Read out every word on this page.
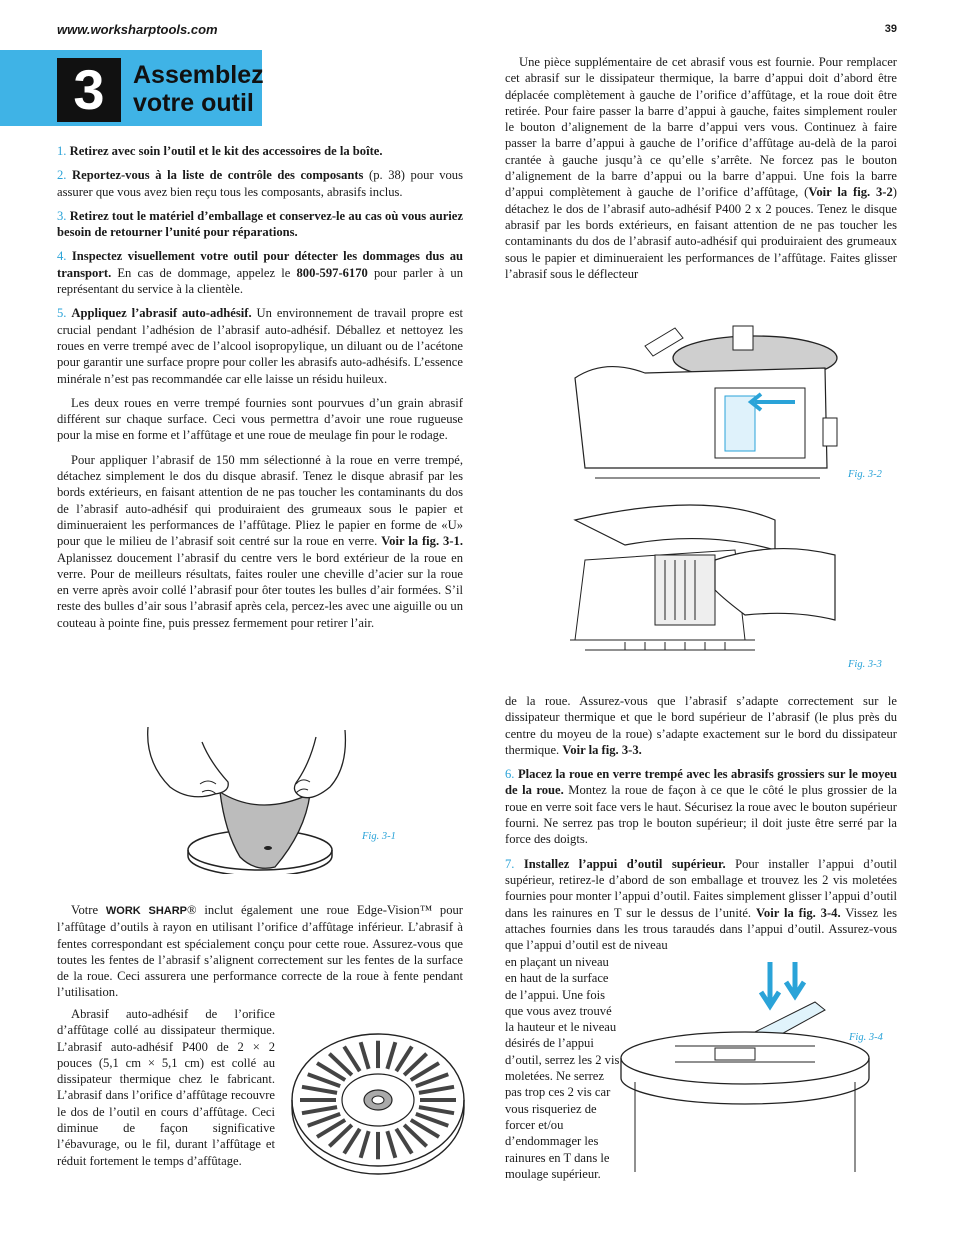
www.worksharptools.com	39
3	Assemblez
votre outil

1. Retirez avec soin l’outil et le kit des accessoires de la boîte.

2. Reportez-vous à la liste de contrôle des composants (p. 38) pour vous assurer que vous avez bien reçu tous les composants, abrasifs inclus.

3. Retirez tout le matériel d’emballage et conservez-le au cas où vous auriez besoin de retourner l’unité pour réparations.

4. Inspectez visuellement votre outil pour détecter les dommages dus au transport. En cas de dommage, appelez le 800-597-6170 pour parler à un représentant du service à la clientèle.

5. Appliquez l’abrasif auto-adhésif. Un environnement de travail propre est crucial pendant l’adhésion de l’abrasif auto-adhésif. Déballez et nettoyez les roues en verre trempé avec de l’alcool isopropylique, un diluant ou de l’acétone pour garantir une surface propre pour coller les abrasifs auto-adhésifs. L’essence minérale n’est pas recommandée car elle laisse un résidu huileux.

Les deux roues en verre trempé fournies sont pourvues d’un grain abrasif différent sur chaque surface. Ceci vous permettra d’avoir une roue rugueuse pour la mise en forme et l’affûtage et une roue de meulage fin pour le rodage.

Pour appliquer l’abrasif de 150 mm sélectionné à la roue en verre trempé, détachez simplement le dos du disque abrasif. Tenez le disque abrasif par les bords extérieurs, en faisant attention de ne pas toucher les contaminants du dos de l’abrasif auto-adhésif qui produiraient des grumeaux sous le papier et diminueraient les performances de l’affûtage. Pliez le papier en forme de «U» pour que le milieu de l’abrasif soit centré sur la roue en verre. Voir la fig. 3-1. Aplanissez doucement l’abrasif du centre vers le bord extérieur de la roue en verre. Pour de meilleurs résultats, faites rouler une cheville d’acier sur la roue en verre après avoir collé l’abrasif pour ôter toutes les bulles d’air formées. S’il reste des bulles d’air sous l’abrasif après cela, percez-les avec une aiguille ou un couteau à pointe fine, puis pressez fermement pour retirer l’air.

Fig. 3-1

Votre WORK SHARP® inclut également une roue Edge-Vision™ pour l’affûtage d’outils à rayon en utilisant l’orifice d’affûtage inférieur. L’abrasif à fentes correspondant est spécialement conçu pour cette roue. Assurez-vous que toutes les fentes de l’abrasif s’alignent correctement sur les fentes de la surface de la roue. Ceci assurera une performance correcte de la roue à fente pendant l’utilisation.

Abrasif auto-adhésif de l’orifice d’affûtage collé au dissipateur thermique. L’abrasif auto-adhésif P400 de 2 × 2 pouces (5,1 cm × 5,1 cm) est collé au dissipateur thermique chez le fabricant. L’abrasif dans l’orifice d’affûtage recouvre le dos de l’outil en cours d’affûtage. Ceci diminue de façon significative l’ébavurage, ou le fil, durant l’affûtage et réduit fortement le temps d’affûtage.

Une pièce supplémentaire de cet abrasif vous est fournie. Pour remplacer cet abrasif sur le dissipateur thermique, la barre d’appui doit d’abord être déplacée complètement à gauche de l’orifice d’affûtage, et la roue doit être retirée. Pour faire passer la barre d’appui à gauche, faites simplement rouler le bouton d’alignement de la barre d’appui vers vous. Continuez à faire passer la barre d’appui à gauche de l’orifice d’affûtage au-delà de la paroi crantée à gauche jusqu’à ce qu’elle s’arrête. Ne forcez pas le bouton d’alignement de la barre d’appui ou la barre d’appui. Une fois la barre d’appui complètement à gauche de l’orifice d’affûtage, (Voir la fig. 3-2) détachez le dos de l’abrasif auto-adhésif P400 2 x 2 pouces. Tenez le disque abrasif par les bords extérieurs, en faisant attention de ne pas toucher les contaminants du dos de l’abrasif auto-adhésif qui produiraient des grumeaux sous le papier et diminueraient les performances de l’affûtage. Faites glisser l’abrasif sous le déflecteur

Fig. 3-2
Fig. 3-3

de la roue. Assurez-vous que l’abrasif s’adapte correctement sur le dissipateur thermique et que le bord supérieur de l’abrasif (le plus près du centre du moyeu de la roue) s’adapte exactement sur le bord du dissipateur thermique. Voir la fig. 3-3.

6. Placez la roue en verre trempé avec les abrasifs grossiers sur le moyeu de la roue. Montez la roue de façon à ce que le côté le plus grossier de la roue en verre soit face vers le haut. Sécurisez la roue avec le bouton supérieur fourni. Ne serrez pas trop le bouton supérieur; il doit juste être serré par la force des doigts.

7. Installez l’appui d’outil supérieur. Pour installer l’appui d’outil supérieur, retirez-le d’abord de son emballage et trouvez les 2 vis moletées fournies pour monter l’appui d’outil. Faites simplement glisser l’appui d’outil dans les rainures en T sur le dessus de l’unité. Voir la fig. 3-4. Vissez les attaches fournies dans les trous taraudés dans l’appui d’outil. Assurez-vous que l’appui d’outil est de niveau

en plaçant un niveau en haut de la surface de l’appui. Une fois que vous avez trouvé la hauteur et le niveau désirés de l’appui d’outil, serrez les 2 vis moletées. Ne serrez pas trop ces 2 vis car vous risqueriez de forcer et/ou d’endommager les rainures en T dans le moulage supérieur.

Fig. 3-4
